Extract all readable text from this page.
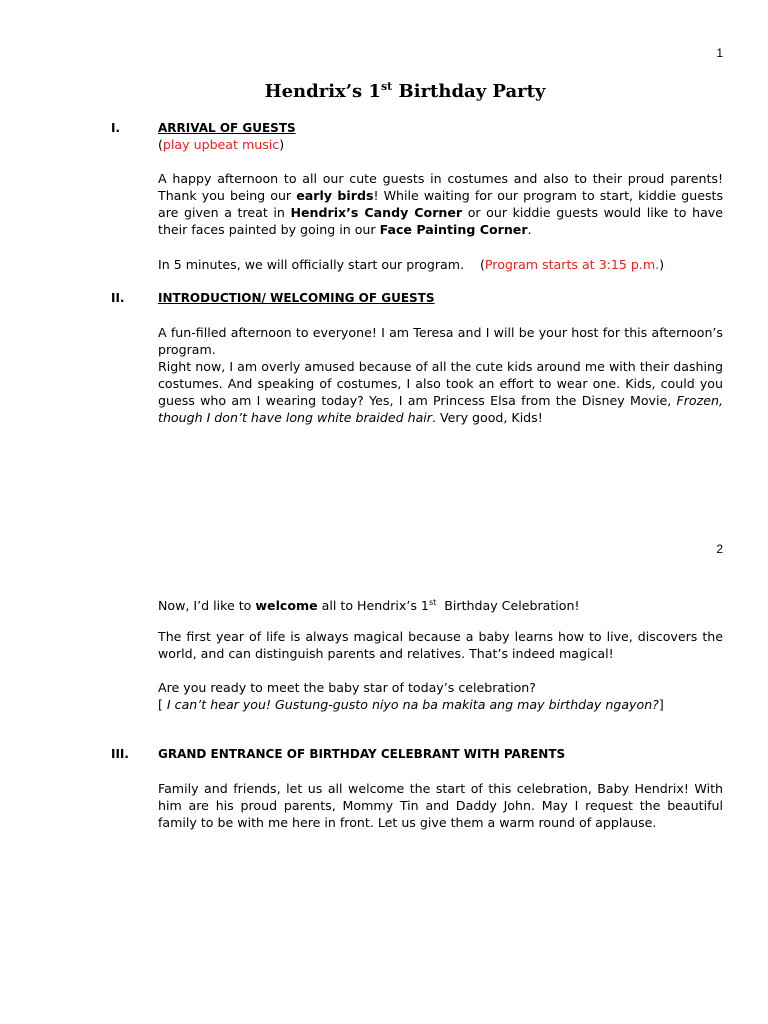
1
Hendrix’s 1st Birthday Party
I.	ARRIVAL OF GUESTS
(play upbeat music)

A happy afternoon to all our cute guests in costumes and also to their proud parents! Thank you being our early birds! While waiting for our program to start, kiddie guests are given a treat in Hendrix’s Candy Corner or our kiddie guests would like to have their faces painted by going in our Face Painting Corner.

In 5 minutes, we will officially start our program.    (Program starts at 3:15 p.m.)
II.	INTRODUCTION/ WELCOMING OF GUESTS

A fun-filled afternoon to everyone! I am Teresa and I will be your host for this afternoon’s program.

Right now, I am overly amused because of all the cute kids around me with their dashing costumes. And speaking of costumes, I also took an effort to wear one. Kids, could you guess who am I wearing today? Yes, I am Princess Elsa from the Disney Movie, Frozen, though I don’t have long white braided hair. Very good, Kids!

2
Now, I’d like to welcome all to Hendrix’s 1st  Birthday Celebration!

The first year of life is always magical because a baby learns how to live, discovers the world, and can distinguish parents and relatives. That’s indeed magical!

Are you ready to meet the baby star of today’s celebration?

[ I can’t hear you! Gustung-gusto niyo na ba makita ang may birthday ngayon?]

III. GRAND ENTRANCE OF BIRTHDAY CELEBRANT WITH PARENTS

Family and friends, let us all welcome the start of this celebration, Baby Hendrix! With him are his proud parents, Mommy Tin and Daddy John. May I request the beautiful family to be with me here in front. Let us give them a warm round of applause.
